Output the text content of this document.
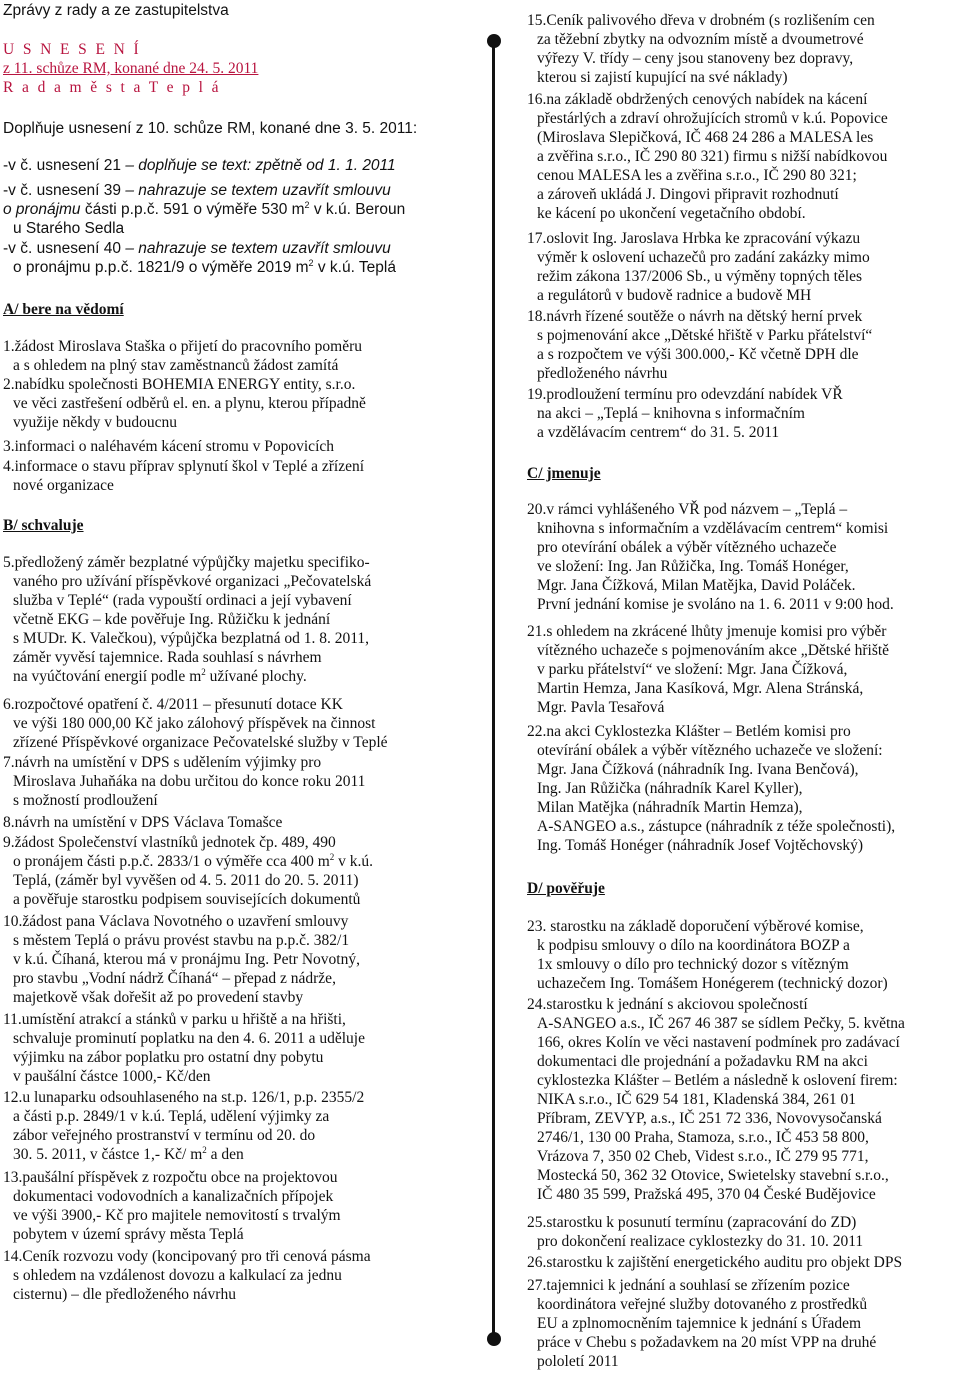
Zprávy z rady a ze zastupitelstva
U S N E S E N Í
z 11. schůze RM, konané dne 24. 5. 2011
R a d a m ě s t a T e p l á
Doplňuje usnesení z 10. schůze RM, konané dne 3. 5. 2011:
-v č. usnesení 21 – doplňuje se text: zpětně od 1. 1. 2011
-v č. usnesení 39 – nahrazuje se textem uzavřít smlouvu
o pronájmu části p.p.č. 591 o výměře 530 $m^2$ v k.ú. Beroun
u Starého Sedla
-v č. usnesení 40 – nahrazuje se textem uzavřít smlouvu
o pronájmu p.p.č. 1821/9 o výměře 2019 $m^2$ v k.ú. Teplá
A/ bere na vědomí
1.žádost Miroslava Staška o přijetí do pracovního poměru
a s ohledem na plný stav zaměstnanců žádost zamítá
2.nabídku společnosti BOHEMIA ENERGY entity, s.r.o.
ve věci zastřešení odběrů el. en. a plynu, kterou případně
využije někdy v budoucnu
3.informaci o naléhavém kácení stromu v Popovicích
4.informace o stavu příprav splynutí škol v Teplé a zřízení
nové organizace
B/ schvaluje
5.předložený záměr bezplatné výpůjčky majetku specifiko-
vaného pro užívání příspěvkové organizaci „Pečovatelská
služba v Teplé“ (rada vypouští ordinaci a její vybavení
včetně EKG – kde pověřuje Ing. Růžičku k jednání
s MUDr. K. Valečkou), výpůjčka bezplatná od 1. 8. 2011,
záměr vyvěsí tajemnice. Rada souhlasí s návrhem
na vyúčtování energií podle $m^2$ užívané plochy.
6.rozpočtové opatření č. 4/2011 – přesunutí dotace KK
ve výši 180 000,00 Kč jako zálohový příspěvek na činnost
zřízené Příspěvkové organizace Pečovatelské služby v Teplé
7.návrh na umístění v DPS s udělením výjimky pro
Miroslava Juhaňáka na dobu určitou do konce roku 2011
s možností prodloužení
8.návrh na umístění v DPS Václava Tomašce
9.žádost Společenství vlastníků jednotek čp. 489, 490
o pronájem části p.p.č. 2833/1 o výměře cca 400 $m^2$ v k.ú.
Teplá, (záměr byl vyvěšen od 4. 5. 2011 do 20. 5. 2011)
a pověřuje starostku podpisem souvisejících dokumentů
10.žádost pana Václava Novotného o uzavření smlouvy
s městem Teplá o právu provést stavbu na p.p.č. 382/1
v k.ú. Číhaná, kterou má v pronájmu Ing. Petr Novotný,
pro stavbu „Vodní nádrž Číhaná“ – přepad z nádrže,
majetkově však dořešit až po provedení stavby
11.umístění atrakcí a stánků v parku u hřiště a na hřišti,
schvaluje prominutí poplatku na den 4. 6. 2011 a uděluje
výjimku na zábor poplatku pro ostatní dny pobytu
v paušální částce 1000,- Kč/den
12.u lunaparku odsouhlaseného na st.p. 126/1, p.p. 2355/2
a části p.p. 2849/1 v k.ú. Teplá, udělení výjimky za
zábor veřejného prostranství v termínu od 20. do
30. 5. 2011, v částce 1,- Kč/ $m^2$ a den
13.paušální příspěvek z rozpočtu obce na projektovou
dokumentaci vodovodních a kanalizačních přípojek
ve výši 3900,- Kč pro majitele nemovitostí s trvalým
pobytem v území správy města Teplá
14.Ceník rozvozu vody (koncipovaný pro tři cenová pásma
s ohledem na vzdálenost dovozu a kalkulací za jednu
cisternu) – dle předloženého návrhu
15.Ceník palivového dřeva v drobném (s rozlišením cen
za těžební zbytky na odvozním místě a dvoumetrové
výřezy V. třídy – ceny jsou stanoveny bez dopravy,
kterou si zajistí kupující na své náklady)
16.na základě obdržených cenových nabídek na kácení
přestárlých a zdraví ohrožujících stromů v k.ú. Popovice
(Miroslava Slepičková, IČ 468 24 286 a MALESA les
a zvěřina s.r.o., IČ 290 80 321) firmu s nižší nabídkovou
cenou MALESA les a zvěřina s.r.o., IČ 290 80 321;
a zároveň ukládá J. Dingovi připravit rozhodnutí
ke kácení po ukončení vegetačního období.
17.oslovit Ing. Jaroslava Hrbka ke zpracování výkazu
výměr k oslovení uchazečů pro zadání zakázky mimo
režim zákona 137/2006 Sb., u výměny topných těles
a regulátorů v budově radnice a budově MH
18.návrh řízené soutěže o návrh na dětský herní prvek
s pojmenování akce „Dětské hřiště v Parku přátelství“
a s rozpočtem ve výši 300.000,- Kč včetně DPH dle
předloženého návrhu
19.prodloužení termínu pro odevzdání nabídek VŘ
na akci – „Teplá – knihovna s informačním
a vzdělávacím centrem“ do 31. 5. 2011
C/ jmenuje
20.v rámci vyhlášeného VŘ pod názvem – „Teplá –
knihovna s informačním a vzdělávacím centrem“ komisi
pro otevírání obálek a výběr vítězného uchazeče
ve složení: Ing. Jan Růžička, Ing. Tomáš Honéger,
Mgr. Jana Čížková, Milan Matějka, David Poláček.
První jednání komise je svoláno na 1. 6. 2011 v 9:00 hod.
21.s ohledem na zkrácené lhůty jmenuje komisi pro výběr
vítězného uchazeče s pojmenováním akce „Dětské hřiště
v parku přátelství“ ve složení: Mgr. Jana Čížková,
Martin Hemza, Jana Kasíková, Mgr. Alena Stránská,
Mgr. Pavla Tesařová
22.na akci Cyklostezka Klášter – Betlém komisi pro
otevírání obálek a výběr vítězného uchazeče ve složení:
Mgr. Jana Čížková (náhradník Ing. Ivana Benčová),
Ing. Jan Růžička (náhradník Karel Kyller),
Milan Matějka (náhradník Martin Hemza),
A-SANGEO a.s., zástupce (náhradník z téže společnosti),
Ing. Tomáš Honéger (náhradník Josef Vojtěchovský)
D/ pověřuje
23. starostku na základě doporučení výběrové komise,
k podpisu smlouvy o dílo na koordinátora BOZP a
1x smlouvy o dílo pro technický dozor s vítězným
uchazečem Ing. Tomášem Honégerem (technický dozor)
24.starostku k jednání s akciovou společností
A-SANGEO a.s., IČ 267 46 387 se sídlem Pečky, 5. května
166, okres Kolín ve věci nastavení podmínek pro zadávací
dokumentaci dle projednání a požadavku RM na akci
cyklostezka Klášter – Betlém a následně k oslovení firem:
NIKA s.r.o., IČ 629 54 181, Kladenská 384, 261 01
Příbram, ZEVYP, a.s., IČ 251 72 336, Novovysočanská
2746/1, 130 00 Praha, Stamoza, s.r.o., IČ 453 58 800,
Vrázova 7, 350 02 Cheb, Videst s.r.o., IČ 279 95 771,
Mostecká 50, 362 32 Otovice, Swietelsky stavební s.r.o.,
IČ 480 35 599, Pražská 495, 370 04 České Budějovice
25.starostku k posunutí termínu (zapracování do ZD)
pro dokončení realizace cyklostezky do 31. 10. 2011
26.starostku k zajištění energetického auditu pro objekt DPS
27.tajemnici k jednání a souhlasí se zřízením pozice
koordinátora veřejné služby dotovaného z prostředků
EU a zplnomocněním tajemnice k jednání s Úřadem
práce v Chebu s požadavkem na 20 míst VPP na druhé
pololetí 2011
